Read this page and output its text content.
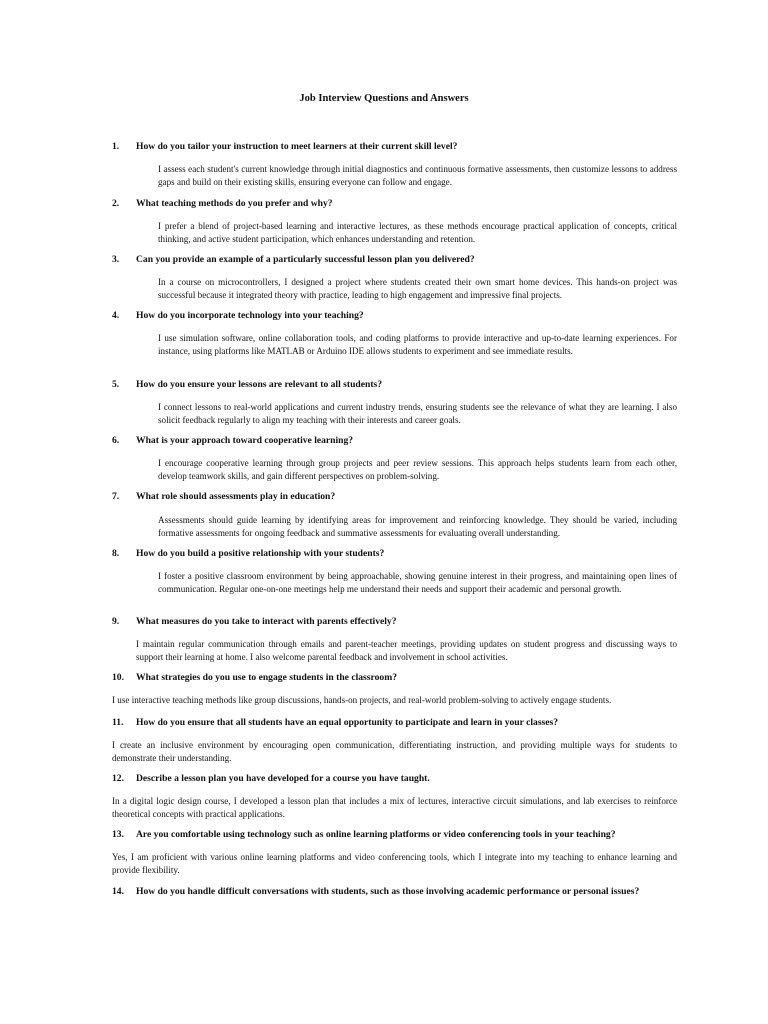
Job Interview Questions and Answers
1. How do you tailor your instruction to meet learners at their current skill level?
I assess each student's current knowledge through initial diagnostics and continuous formative assessments, then customize lessons to address gaps and build on their existing skills, ensuring everyone can follow and engage.
2. What teaching methods do you prefer and why?
I prefer a blend of project-based learning and interactive lectures, as these methods encourage practical application of concepts, critical thinking, and active student participation, which enhances understanding and retention.
3. Can you provide an example of a particularly successful lesson plan you delivered?
In a course on microcontrollers, I designed a project where students created their own smart home devices. This hands-on project was successful because it integrated theory with practice, leading to high engagement and impressive final projects.
4. How do you incorporate technology into your teaching?
I use simulation software, online collaboration tools, and coding platforms to provide interactive and up-to-date learning experiences. For instance, using platforms like MATLAB or Arduino IDE allows students to experiment and see immediate results.
5. How do you ensure your lessons are relevant to all students?
I connect lessons to real-world applications and current industry trends, ensuring students see the relevance of what they are learning. I also solicit feedback regularly to align my teaching with their interests and career goals.
6. What is your approach toward cooperative learning?
I encourage cooperative learning through group projects and peer review sessions. This approach helps students learn from each other, develop teamwork skills, and gain different perspectives on problem-solving.
7. What role should assessments play in education?
Assessments should guide learning by identifying areas for improvement and reinforcing knowledge. They should be varied, including formative assessments for ongoing feedback and summative assessments for evaluating overall understanding.
8. How do you build a positive relationship with your students?
I foster a positive classroom environment by being approachable, showing genuine interest in their progress, and maintaining open lines of communication. Regular one-on-one meetings help me understand their needs and support their academic and personal growth.
9. What measures do you take to interact with parents effectively?
I maintain regular communication through emails and parent-teacher meetings, providing updates on student progress and discussing ways to support their learning at home. I also welcome parental feedback and involvement in school activities.
10. What strategies do you use to engage students in the classroom?
I use interactive teaching methods like group discussions, hands-on projects, and real-world problem-solving to actively engage students.
11. How do you ensure that all students have an equal opportunity to participate and learn in your classes?
I create an inclusive environment by encouraging open communication, differentiating instruction, and providing multiple ways for students to demonstrate their understanding.
12. Describe a lesson plan you have developed for a course you have taught.
In a digital logic design course, I developed a lesson plan that includes a mix of lectures, interactive circuit simulations, and lab exercises to reinforce theoretical concepts with practical applications.
13. Are you comfortable using technology such as online learning platforms or video conferencing tools in your teaching?
Yes, I am proficient with various online learning platforms and video conferencing tools, which I integrate into my teaching to enhance learning and provide flexibility.
14. How do you handle difficult conversations with students, such as those involving academic performance or personal issues?
